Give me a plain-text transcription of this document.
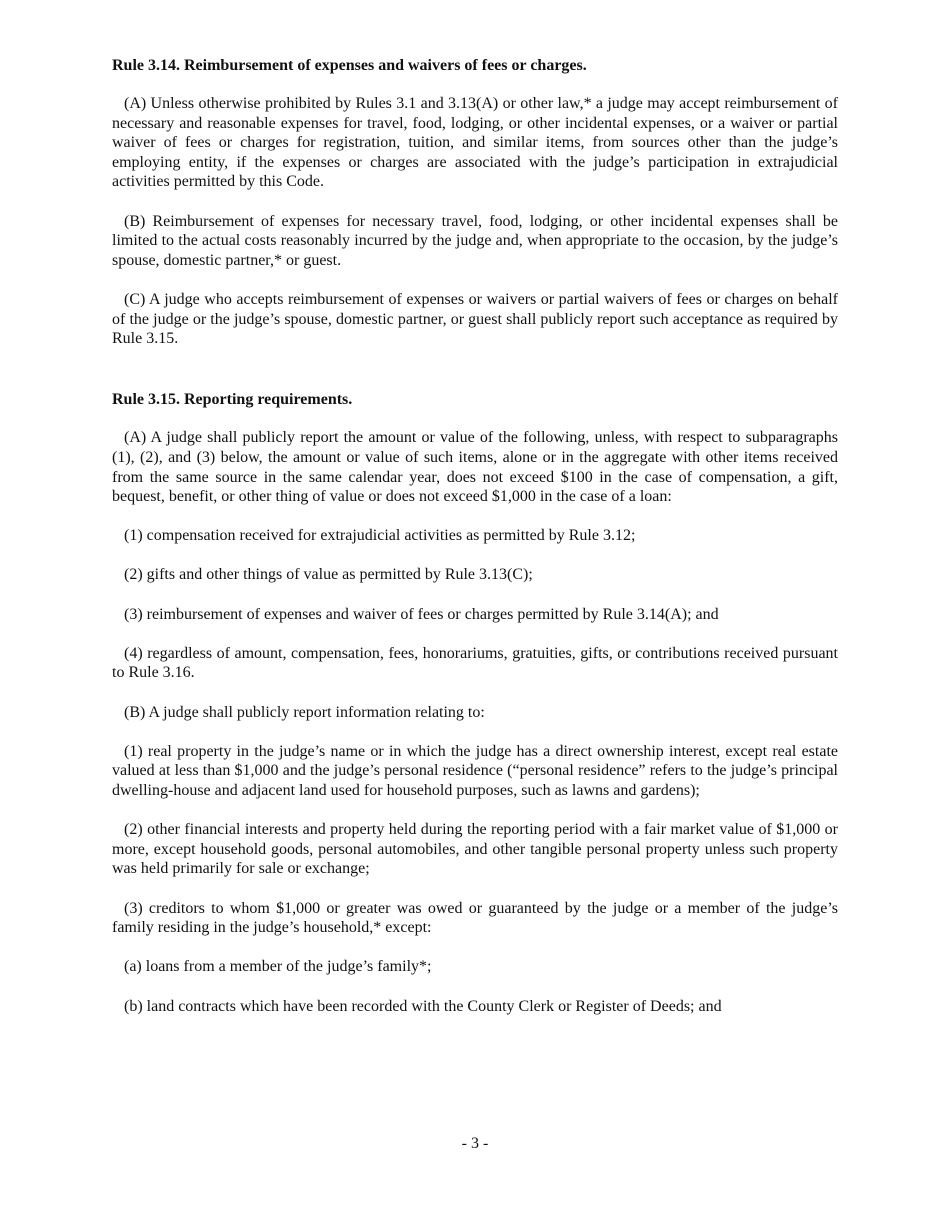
Rule 3.14. Reimbursement of expenses and waivers of fees or charges.

(A) Unless otherwise prohibited by Rules 3.1 and 3.13(A) or other law,* a judge may accept reimbursement of necessary and reasonable expenses for travel, food, lodging, or other incidental expenses, or a waiver or partial waiver of fees or charges for registration, tuition, and similar items, from sources other than the judge’s employing entity, if the expenses or charges are associated with the judge’s participation in extrajudicial activities permitted by this Code.

(B) Reimbursement of expenses for necessary travel, food, lodging, or other incidental expenses shall be limited to the actual costs reasonably incurred by the judge and, when appropriate to the occasion, by the judge’s spouse, domestic partner,* or guest.

(C) A judge who accepts reimbursement of expenses or waivers or partial waivers of fees or charges on behalf of the judge or the judge’s spouse, domestic partner, or guest shall publicly report such acceptance as required by Rule 3.15.

Rule 3.15. Reporting requirements.

(A) A judge shall publicly report the amount or value of the following, unless, with respect to subparagraphs (1), (2), and (3) below, the amount or value of such items, alone or in the aggregate with other items received from the same source in the same calendar year, does not exceed $100 in the case of compensation, a gift, bequest, benefit, or other thing of value or does not exceed $1,000 in the case of a loan:

(1) compensation received for extrajudicial activities as permitted by Rule 3.12;

(2) gifts and other things of value as permitted by Rule 3.13(C);

(3) reimbursement of expenses and waiver of fees or charges permitted by Rule 3.14(A); and

(4) regardless of amount, compensation, fees, honorariums, gratuities, gifts, or contributions received pursuant to Rule 3.16.

(B) A judge shall publicly report information relating to:

(1) real property in the judge’s name or in which the judge has a direct ownership interest, except real estate valued at less than $1,000 and the judge’s personal residence (“personal residence” refers to the judge’s principal dwelling-house and adjacent land used for household purposes, such as lawns and gardens);

(2) other financial interests and property held during the reporting period with a fair market value of $1,000 or more, except household goods, personal automobiles, and other tangible personal property unless such property was held primarily for sale or exchange;

(3) creditors to whom $1,000 or greater was owed or guaranteed by the judge or a member of the judge’s family residing in the judge’s household,* except:

(a) loans from a member of the judge’s family*;

(b) land contracts which have been recorded with the County Clerk or Register of Deeds; and

- 3 -
